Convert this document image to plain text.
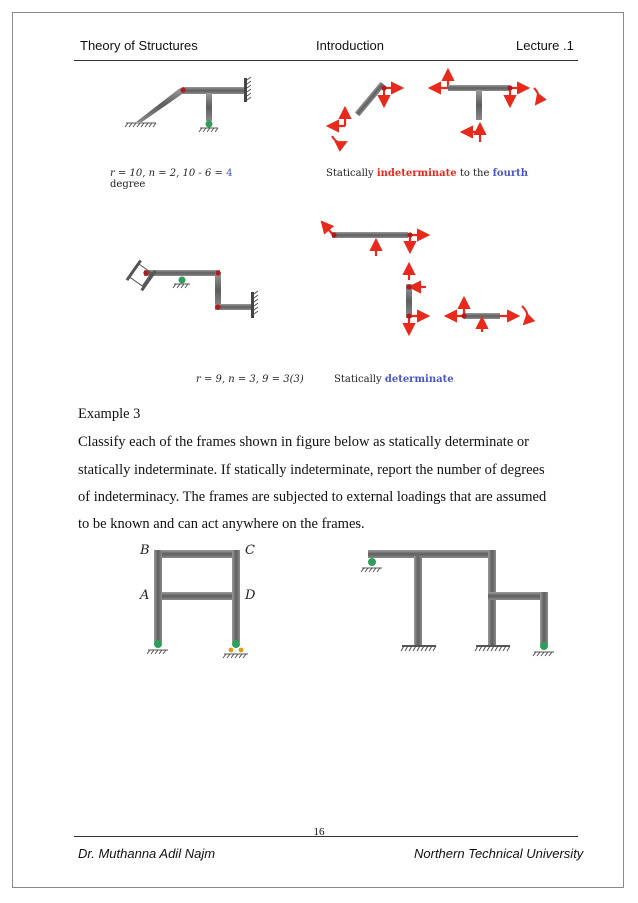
Theory of Structures	Introduction	Lecture .1
r = 10, n = 2, 10 - 6 = 4
degree
Statically indeterminate to the fourth
r = 9, n = 3, 9 = 3(3)	Statically determinate
Example 3
Classify each of the frames shown in figure below as statically determinate or
statically indeterminate. If statically indeterminate, report the number of degrees
of indeterminacy. The frames are subjected to external loadings that are assumed
to be known and can act anywhere on the frames.
B	C
A	D
16
Dr. Muthanna Adil Najm	Northern Technical University
